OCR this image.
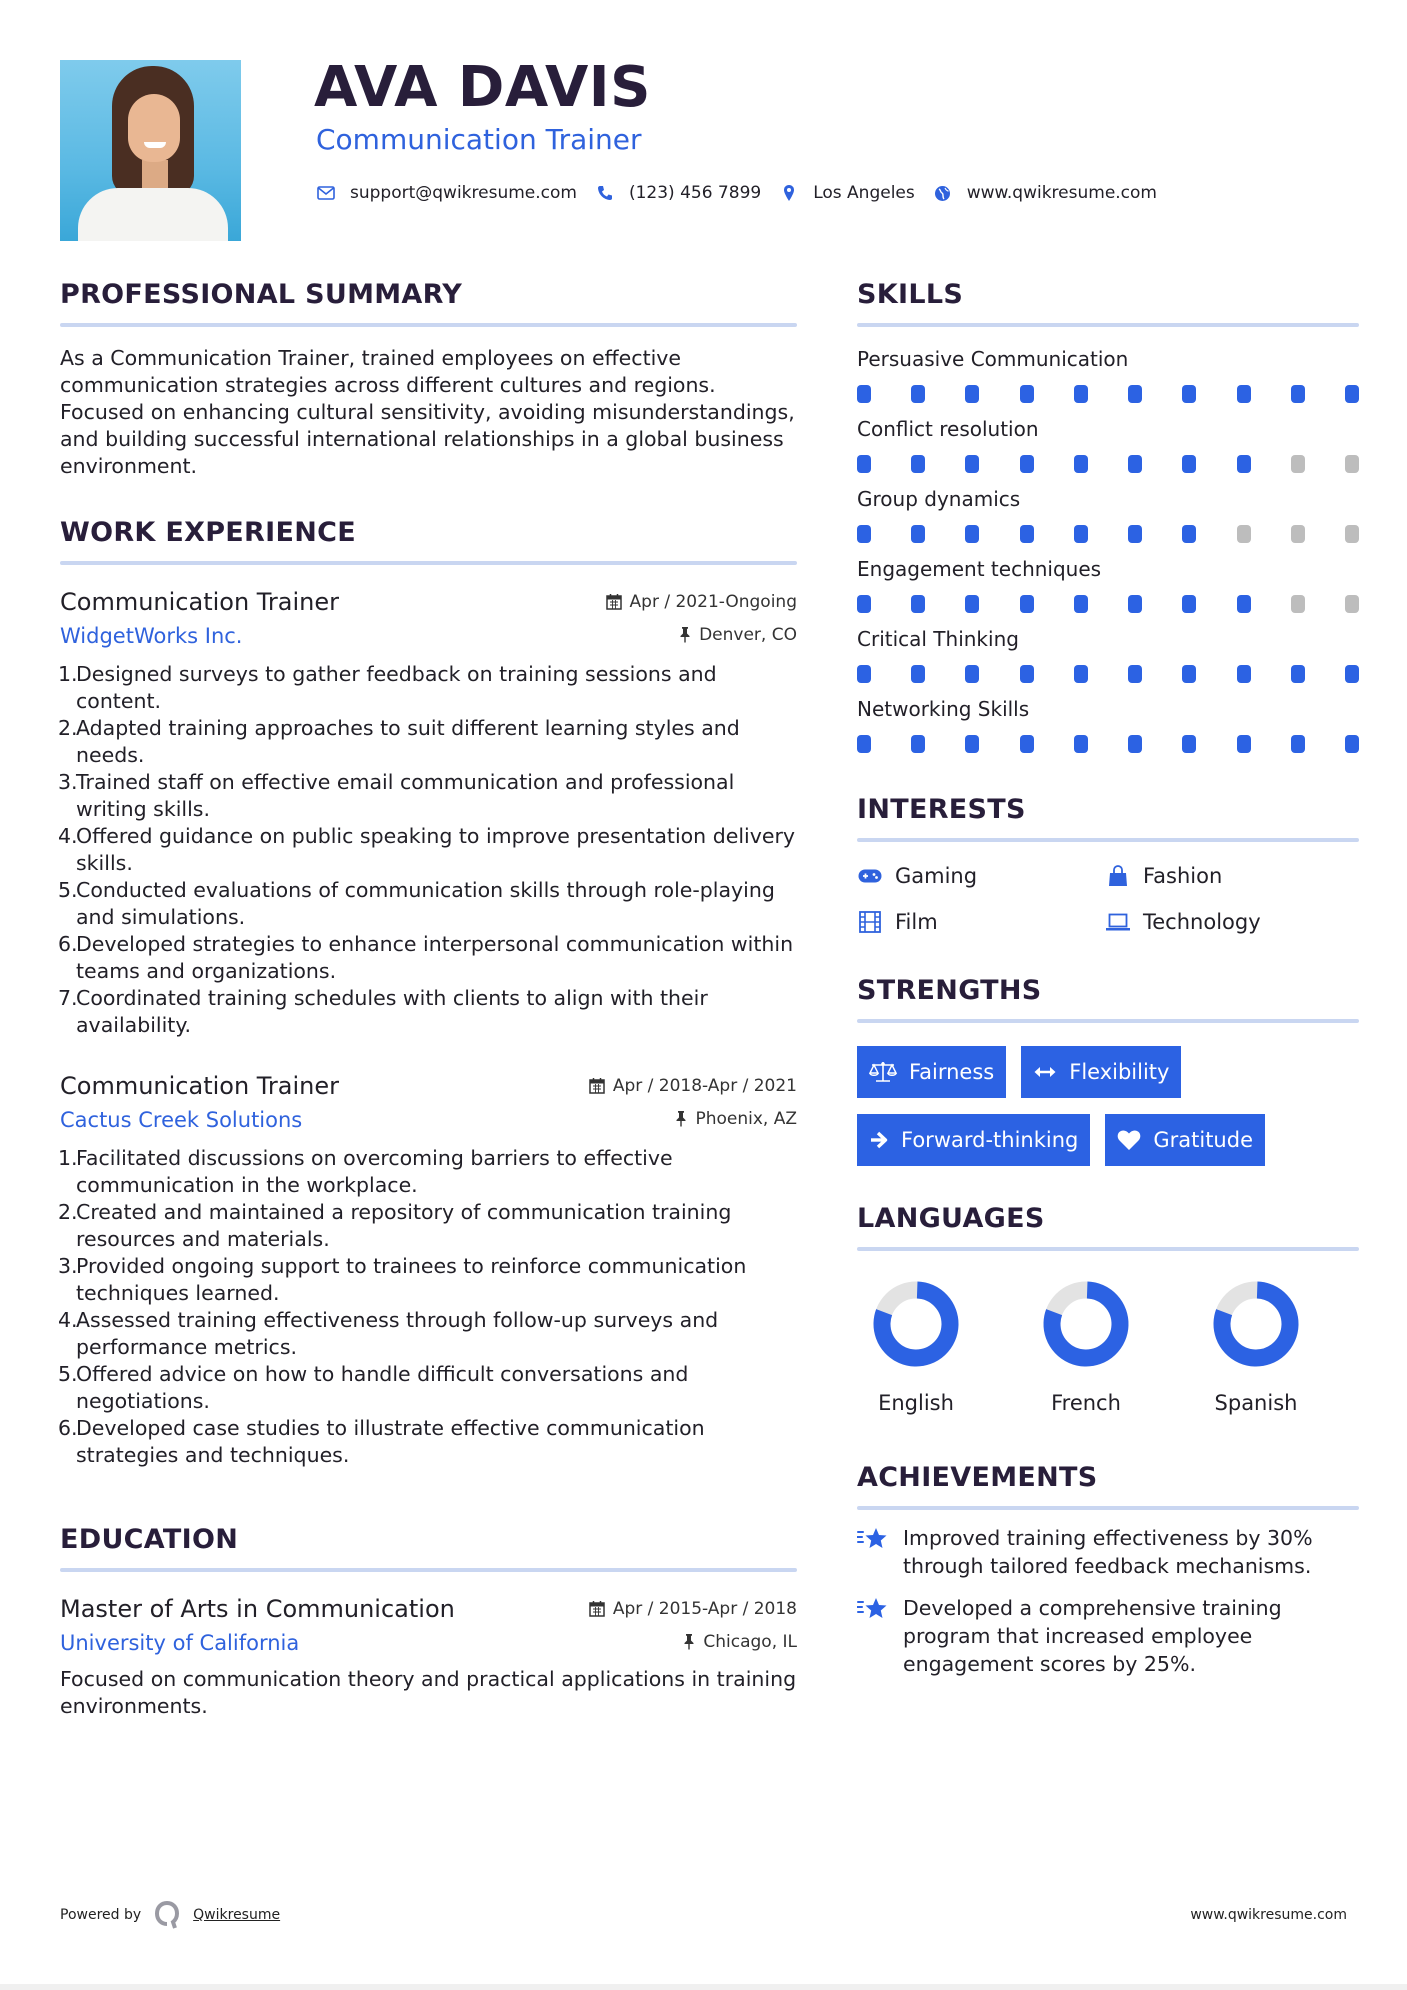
AVA DAVIS
Communication Trainer
support@qwikresume.com	(123) 456 7899	Los Angeles	www.qwikresume.com
PROFESSIONAL SUMMARY

As a Communication Trainer, trained employees on effective communication strategies across different cultures and regions. Focused on enhancing cultural sensitivity, avoiding misunderstandings, and building successful international relationships in a global business environment.

WORK EXPERIENCE
Communication Trainer	Apr / 2021-Ongoing
WidgetWorks Inc.	Denver, CO
1.
Designed surveys to gather feedback on training sessions and content.
2.
Adapted training approaches to suit different learning styles and needs.
3.
Trained staff on effective email communication and professional writing skills.
4.
Offered guidance on public speaking to improve presentation delivery skills.
5.
Conducted evaluations of communication skills through role-playing and simulations.
6.
Developed strategies to enhance interpersonal communication within teams and organizations.
7.
Coordinated training schedules with clients to align with their availability.
Communication Trainer	Apr / 2018-Apr / 2021
Cactus Creek Solutions	Phoenix, AZ
1.
Facilitated discussions on overcoming barriers to effective communication in the workplace.
2.
Created and maintained a repository of communication training resources and materials.
3.
Provided ongoing support to trainees to reinforce communication techniques learned.
4.
Assessed training effectiveness through follow-up surveys and performance metrics.
5.
Offered advice on how to handle difficult conversations and negotiations.
6.
Developed case studies to illustrate effective communication strategies and techniques.
EDUCATION
Master of Arts in Communication	Apr / 2015-Apr / 2018
University of California	Chicago, IL

Focused on communication theory and practical applications in training environments.

SKILLS
Persuasive Communication
Conflict resolution
Group dynamics
Engagement techniques
Critical Thinking
Networking Skills
INTERESTS
Gaming	Fashion
Film	Technology
STRENGTHS
Fairness	Flexibility
Forward-thinking	Gratitude
LANGUAGES
English	French	Spanish
ACHIEVEMENTS
Improved training effectiveness by 30% through tailored feedback mechanisms.
Developed a comprehensive training program that increased employee engagement scores by 25%.
Powered by	Qwikresume	www.qwikresume.com
